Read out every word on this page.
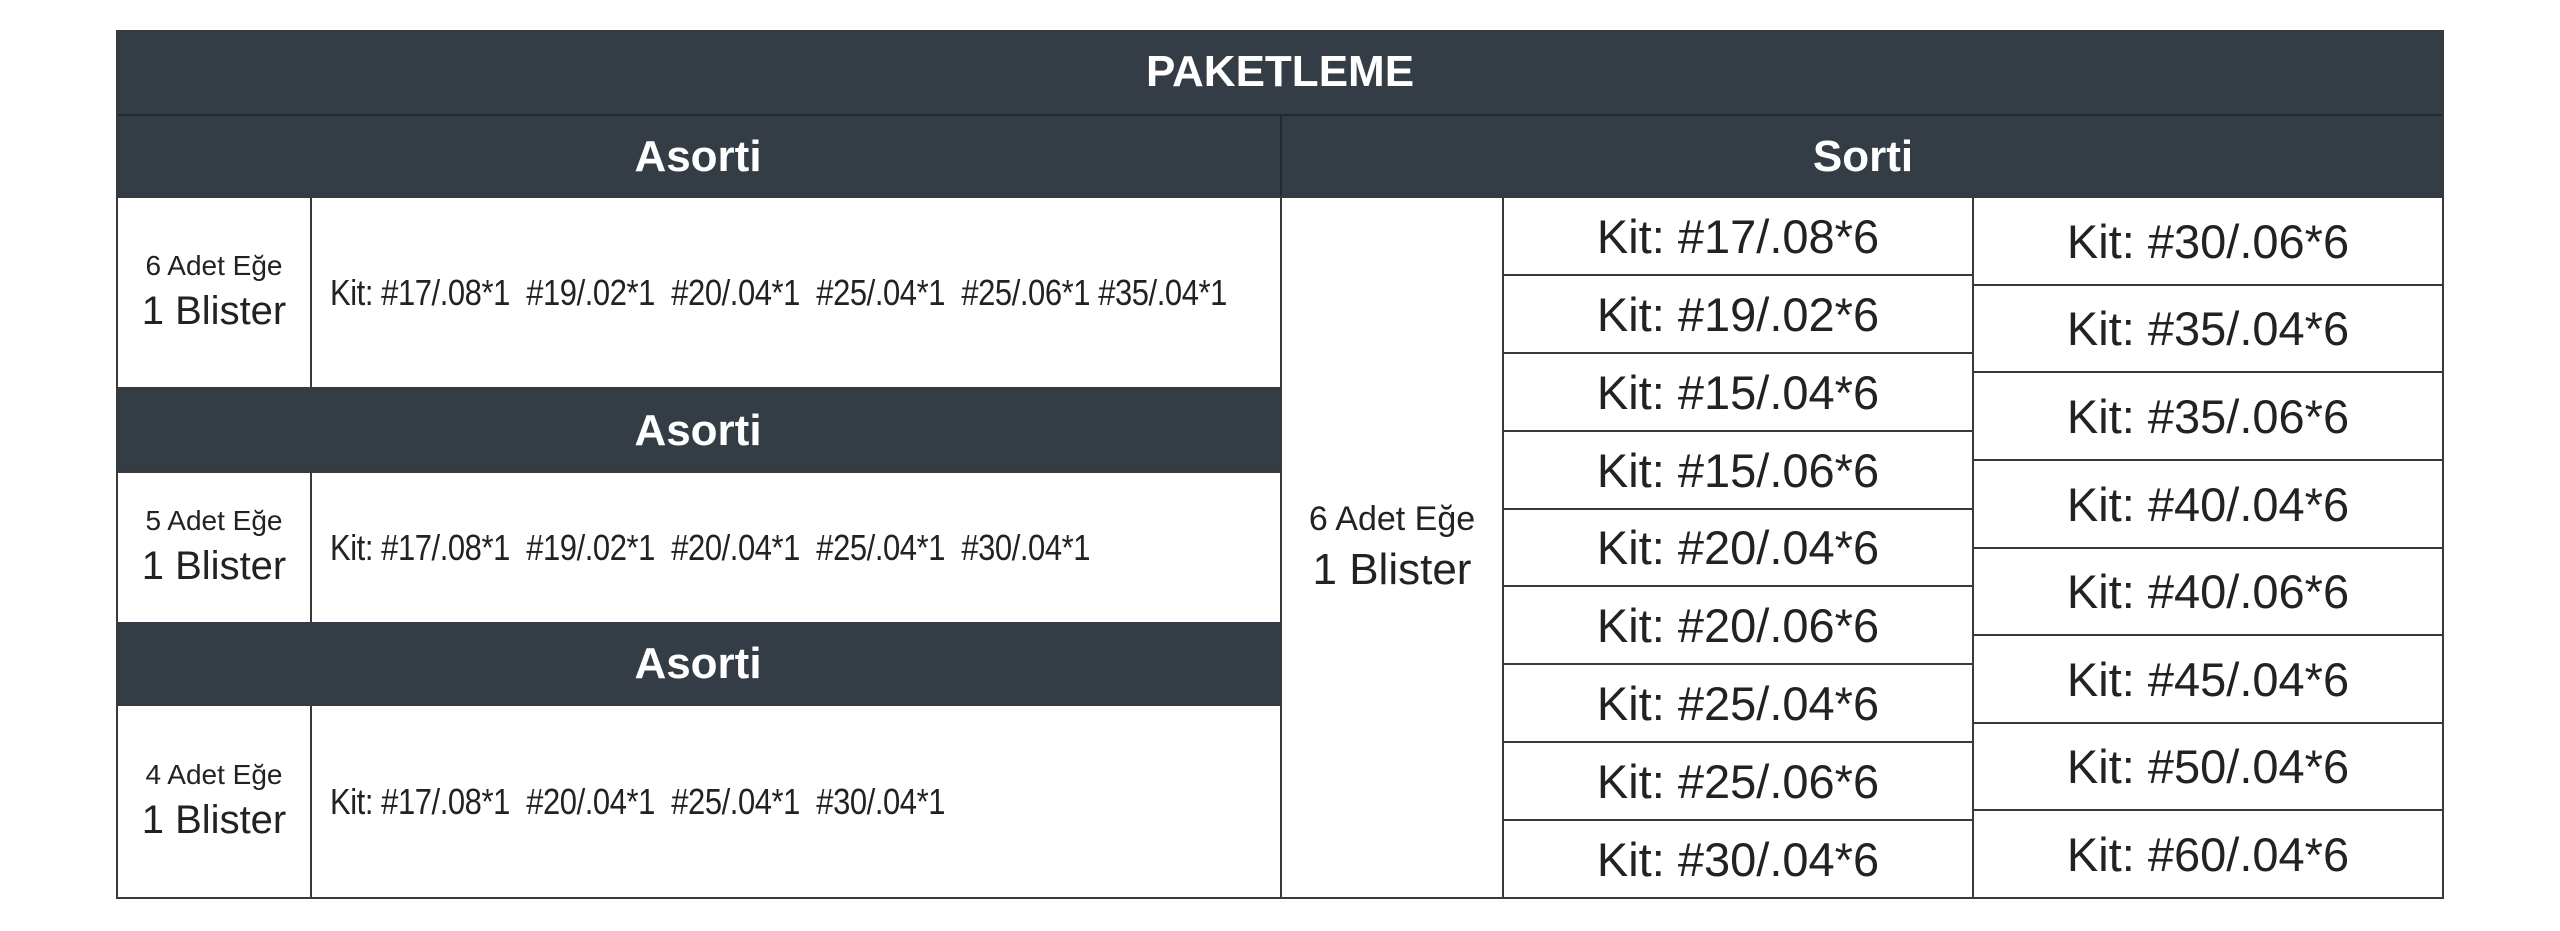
PAKETLEME
Asorti	Sorti
6 Adet Eğe
1 Blister Kit: #17/.08*1  #19/.02*1  #20/.04*1  #25/.04*1  #25/.06*1 #35/.04*1
Asorti
5 Adet Eğe
1 Blister Kit: #17/.08*1  #19/.02*1  #20/.04*1  #25/.04*1  #30/.04*1
Asorti
4 Adet Eğe
1 Blister Kit: #17/.08*1  #20/.04*1  #25/.04*1  #30/.04*1
6 Adet Eğe
1 Blister
Kit: #17/.08*6
Kit: #19/.02*6
Kit: #15/.04*6
Kit: #15/.06*6
Kit: #20/.04*6
Kit: #20/.06*6
Kit: #25/.04*6
Kit: #25/.06*6
Kit: #30/.04*6
Kit: #30/.06*6
Kit: #35/.04*6
Kit: #35/.06*6
Kit: #40/.04*6
Kit: #40/.06*6
Kit: #45/.04*6
Kit: #50/.04*6
Kit: #60/.04*6
